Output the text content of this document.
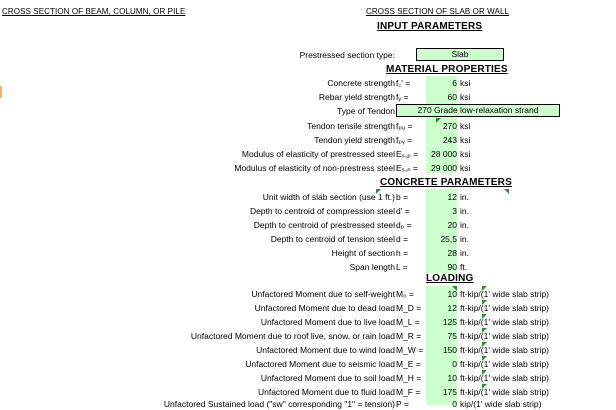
CROSS SECTION OF BEAM, COLUMN, OR PILE	CROSS SECTION OF SLAB OR WALL
INPUT PARAMETERS
Prestressed section type:	Slab
MATERIAL PROPERTIES
Concrete strength f꜀' =	6 ksi
Rebar yield strength fᵧ =	60 ksi
Type of Tendon	270 Grade low-relaxation strand
Tendon tensile strength fₚᵤ =	270 ksi
Tendon yield strength fₚᵧ =	243 ksi
Modulus of elasticity of prestressed steel Eₛ,ₚ =	28 000 ksi
Modulus of elasticity of non-prestress steel Eₛ,ₙ =	29 000 ksi
CONCRETE PARAMETERS
Unit width of slab section (use 1 ft.) b =	12 in.
Depth to centroid of compression steel d' =	3 in.
Depth to centroid of prestressed steel dₚ =	20 in.
Depth to centroid of tension steel d =	25,5 in.
Height of section h =	28 in.
Span length L =	90 ft.
LOADING
Unfactored Moment due to self-weight M₀ =	10 ft-kip/(1' wide slab strip)
Unfactored Moment due to dead load M_D =	12 ft-kip/(1' wide slab strip)
Unfactored Moment due to live load M_L =	125 ft-kip/(1' wide slab strip)
Unfactored Moment due to roof live, snow, or rain load M_R =	75 ft-kip/(1' wide slab strip)
Unfactored Moment due to wind load M_W =	150 ft-kip/(1' wide slab strip)
Unfactored Moment due to seismic load M_E =	0 ft-kip/(1' wide slab strip)
Unfactored Moment due to soil load M_H =	10 ft-kip/(1' wide slab strip)
Unfactored Moment due to fluid load M_F =	175 ft-kip/(1' wide slab strip)
Unfactored Sustained load ("sw" corresponding "1" = tension) P =	0 kip/(1' wide slab strip)
